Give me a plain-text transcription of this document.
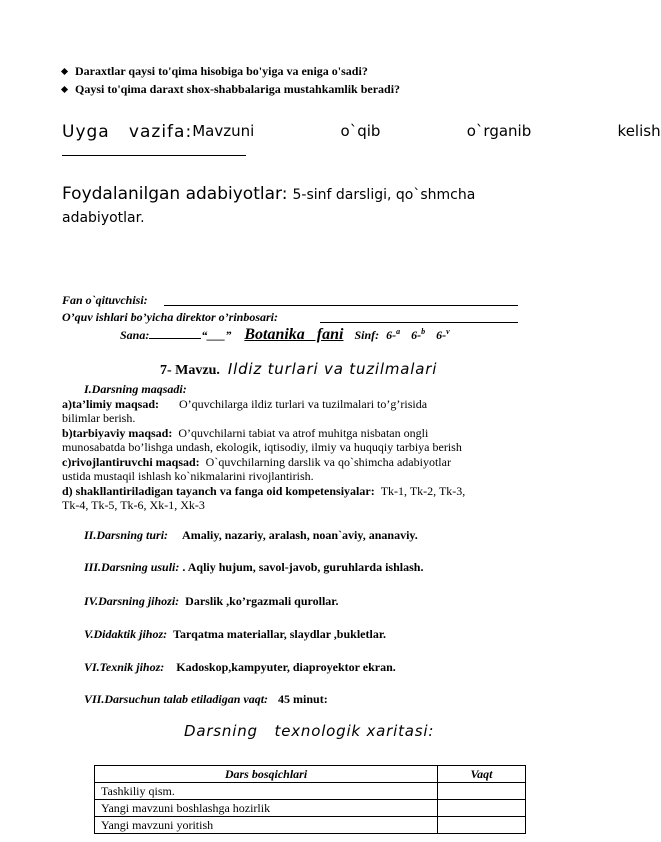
Daraxtlar qaysi to'qima hisobiga bo'yiga va eniga o'sadi?
Qaysi to'qima daraxt shox-shabbalariga mustahkamlik beradi?
Uyga   vazifa: Mavzuni   o`qib   o`rganib   kelish
Foydalanilgan adabiyotlar: 5-sinf darsligi, qo`shmcha
adabiyotlar.
Fan o`qituvchisi:
O’quv ishlari bo’yicha direktor o’rinbosari:
Sana:	“___” Botanika   fani Sinf: 6-$^a$ 6-$^b$ 6-$^v$
7- Mavzu. Ildiz turlari va tuzilmalari
I.Darsning maqsadi:
a)ta’limiy maqsad: O’quvchilarga ildiz turlari va tuzilmalari to’g’risida
bilimlar berish.
b)tarbiyaviy maqsad: O’quvchilarni tabiat va atrof muhitga nisbatan ongli
munosabatda bo’lishga undash, ekologik, iqtisodiy, ilmiy va huquqiy tarbiya berish
c)rivojlantiruvchi maqsad: O`quvchilarning darslik va qo`shimcha adabiyotlar
ustida mustaqil ishlash ko`nikmalarini rivojlantirish.
d) shakllantiriladigan tayanch va fanga oid kompetensiyalar: Tk-1, Tk-2, Tk-3,
Tk-4, Tk-5, Tk-6, Xk-1, Xk-3
II.Darsning turi: Amaliy, nazariy, aralash, noan`aviy, ananaviy.
III.Darsning usuli: . Aqliy hujum, savol-javob, guruhlarda ishlash.
IV.Darsning jihozi: Darslik ,ko’rgazmali qurollar.
V.Didaktik jihoz: Tarqatma materiallar, slaydlar ,bukletlar.
VI.Texnik jihoz: Kadoskop,kampyuter, diaproyektor ekran.
VII.Darsuchun talab etiladigan vaqt: 45 minut:
Darsning   texnologik xaritasi:
Dars bosqichlari	Vaqt
Tashkiliy qism.	
Yangi mavzuni boshlashga hozirlik	
Yangi mavzuni yoritish	
